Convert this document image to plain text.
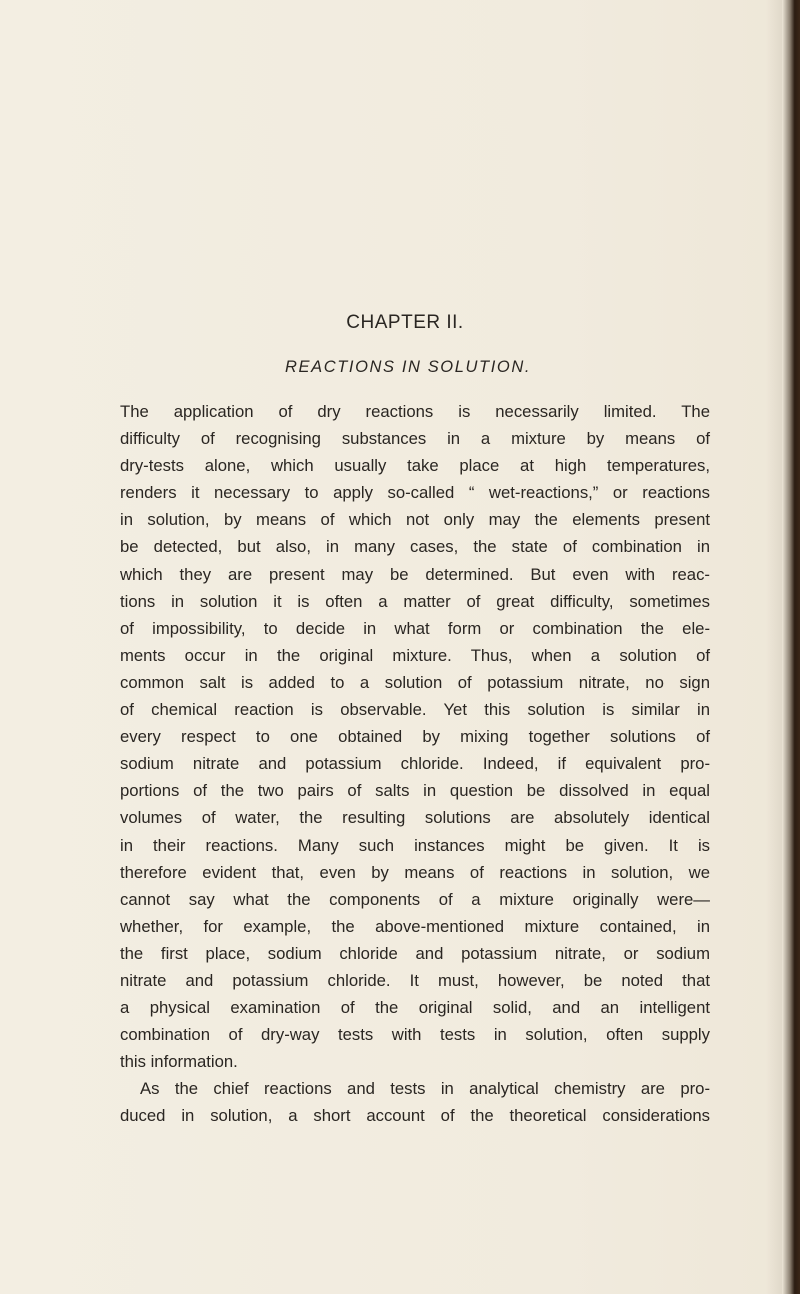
CHAPTER II.
REACTIONS IN SOLUTION.
The application of dry reactions is necessarily limited. The
difficulty of recognising substances in a mixture by means of
dry-tests alone, which usually take place at high temperatures,
renders it necessary to apply so-called “ wet-reactions,” or reactions
in solution, by means of which not only may the elements present
be detected, but also, in many cases, the state of combination in
which they are present may be determined. But even with reac-
tions in solution it is often a matter of great difficulty, sometimes
of impossibility, to decide in what form or combination the ele-
ments occur in the original mixture. Thus, when a solution of
common salt is added to a solution of potassium nitrate, no sign
of chemical reaction is observable. Yet this solution is similar in
every respect to one obtained by mixing together solutions of
sodium nitrate and potassium chloride. Indeed, if equivalent pro-
portions of the two pairs of salts in question be dissolved in equal
volumes of water, the resulting solutions are absolutely identical
in their reactions. Many such instances might be given. It is
therefore evident that, even by means of reactions in solution, we
cannot say what the components of a mixture originally were—
whether, for example, the above-mentioned mixture contained, in
the first place, sodium chloride and potassium nitrate, or sodium
nitrate and potassium chloride. It must, however, be noted that
a physical examination of the original solid, and an intelligent
combination of dry-way tests with tests in solution, often supply
this information.
As the chief reactions and tests in analytical chemistry are pro-
duced in solution, a short account of the theoretical considerations
